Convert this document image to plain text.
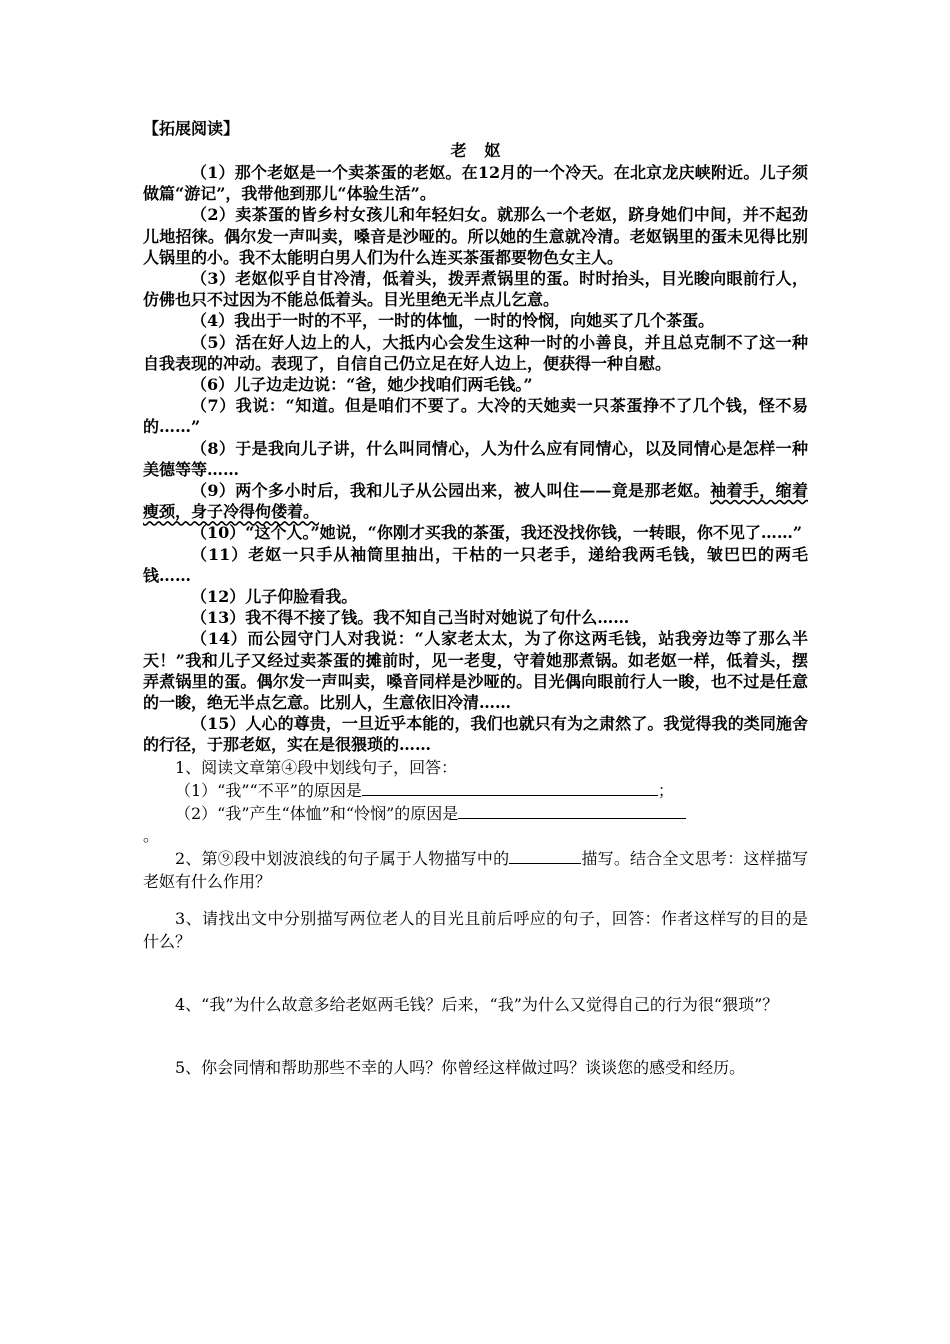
【拓展阅读】

老妪

（1）那个老妪是一个卖茶蛋的老妪。在12月的一个冷天。在北京龙庆峡附近。儿子须做篇“游记”，我带他到那儿“体验生活”。

（2）卖茶蛋的皆乡村女孩儿和年轻妇女。就那么一个老妪，跻身她们中间，并不起劲儿地招徕。偶尔发一声叫卖，嗓音是沙哑的。所以她的生意就冷清。老妪锅里的蛋未见得比别人锅里的小。我不太能明白男人们为什么连买茶蛋都要物色女主人。

（3）老妪似乎自甘冷清，低着头，拨弄煮锅里的蛋。时时抬头，目光睃向眼前行人，仿佛也只不过因为不能总低着头。目光里绝无半点儿乞意。

（4）我出于一时的不平，一时的体恤，一时的怜悯，向她买了几个茶蛋。

（5）活在好人边上的人，大抵内心会发生这种一时的小善良，并且总克制不了这一种自我表现的冲动。表现了，自信自己仍立足在好人边上，便获得一种自慰。

（6）儿子边走边说：“爸，她少找咱们两毛钱。”

（7）我说：“知道。但是咱们不要了。大冷的天她卖一只茶蛋挣不了几个钱，怪不易的……”

（8）于是我向儿子讲，什么叫同情心，人为什么应有同情心，以及同情心是怎样一种美德等等……

（9）两个多小时后，我和儿子从公园出来，被人叫住——竟是那老妪。袖着手，缩着瘦颈，身子冷得佝偻着。

（10）“这个人。”她说，“你刚才买我的茶蛋，我还没找你钱，一转眼，你不见了……”

（11）老妪一只手从袖筒里抽出，干枯的一只老手，递给我两毛钱，皱巴巴的两毛钱……

（12）儿子仰脸看我。

（13）我不得不接了钱。我不知自己当时对她说了句什么……

（14）而公园守门人对我说：“人家老太太，为了你这两毛钱，站我旁边等了那么半天！”我和儿子又经过卖茶蛋的摊前时，见一老叟，守着她那煮锅。如老妪一样，低着头，摆弄煮锅里的蛋。偶尔发一声叫卖，嗓音同样是沙哑的。目光偶向眼前行人一睃，也不过是任意的一睃，绝无半点乞意。比别人，生意依旧冷清……

（15）人心的尊贵，一旦近乎本能的，我们也就只有为之肃然了。我觉得我的类同施舍的行径，于那老妪，实在是很猥琐的……

1、阅读文章第④段中划线句子，回答：

（1）“我”“不平”的原因是	；

（2）“我”产生“体恤”和“怜悯”的原因是

。

2、第⑨段中划波浪线的句子属于人物描写中的	描写。结合全文思考：这样描写老妪有什么作用？

3、请找出文中分别描写两位老人的目光且前后呼应的句子，回答：作者这样写的目的是什么？

4、“我”为什么故意多给老妪两毛钱？后来，“我”为什么又觉得自己的行为很“猥琐”？

5、你会同情和帮助那些不幸的人吗？你曾经这样做过吗？谈谈您的感受和经历。
